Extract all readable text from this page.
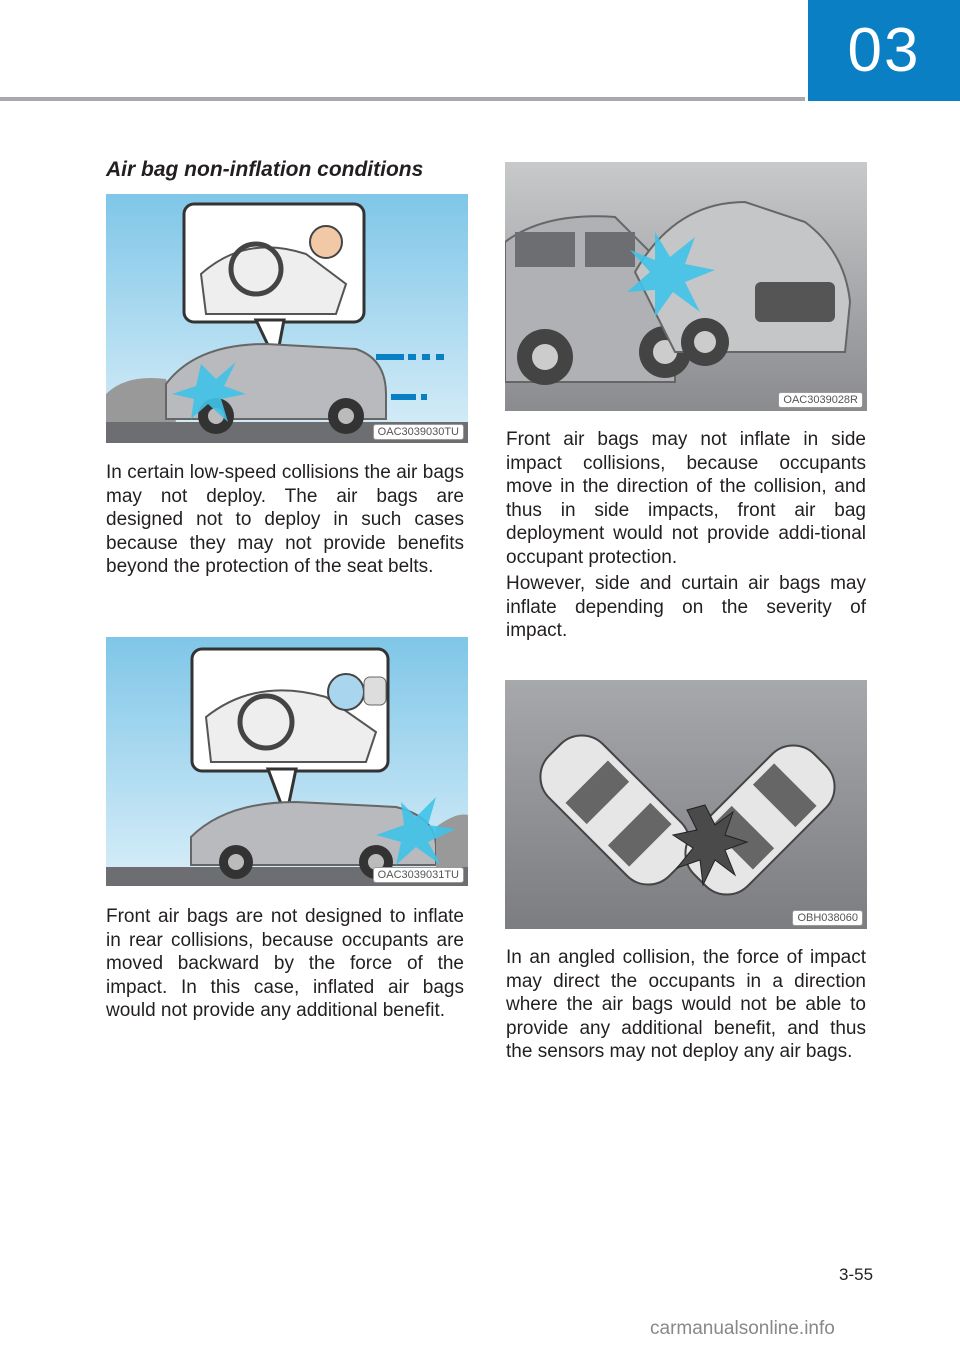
03
Air bag non-inflation conditions
OAC3039030TU

In certain low-speed collisions the air bags may not deploy. The air bags are designed not to deploy in such cases because they may not provide benefits beyond the protection of the seat belts.

OAC3039031TU

Front air bags are not designed to inflate in rear collisions, because occupants are moved backward by the force of the impact. In this case, inflated air bags would not provide any additional benefit.

OAC3039028R

Front air bags may not inflate in side impact collisions, because occupants move in the direction of the collision, and thus in side impacts, front air bag deployment would not provide addi-tional occupant protection.

However, side and curtain air bags may inflate depending on the severity of impact.

OBH038060

In an angled collision, the force of impact may direct the occupants in a direction where the air bags would not be able to provide any additional benefit, and thus the sensors may not deploy any air bags.

3-55
carmanualsonline.info
